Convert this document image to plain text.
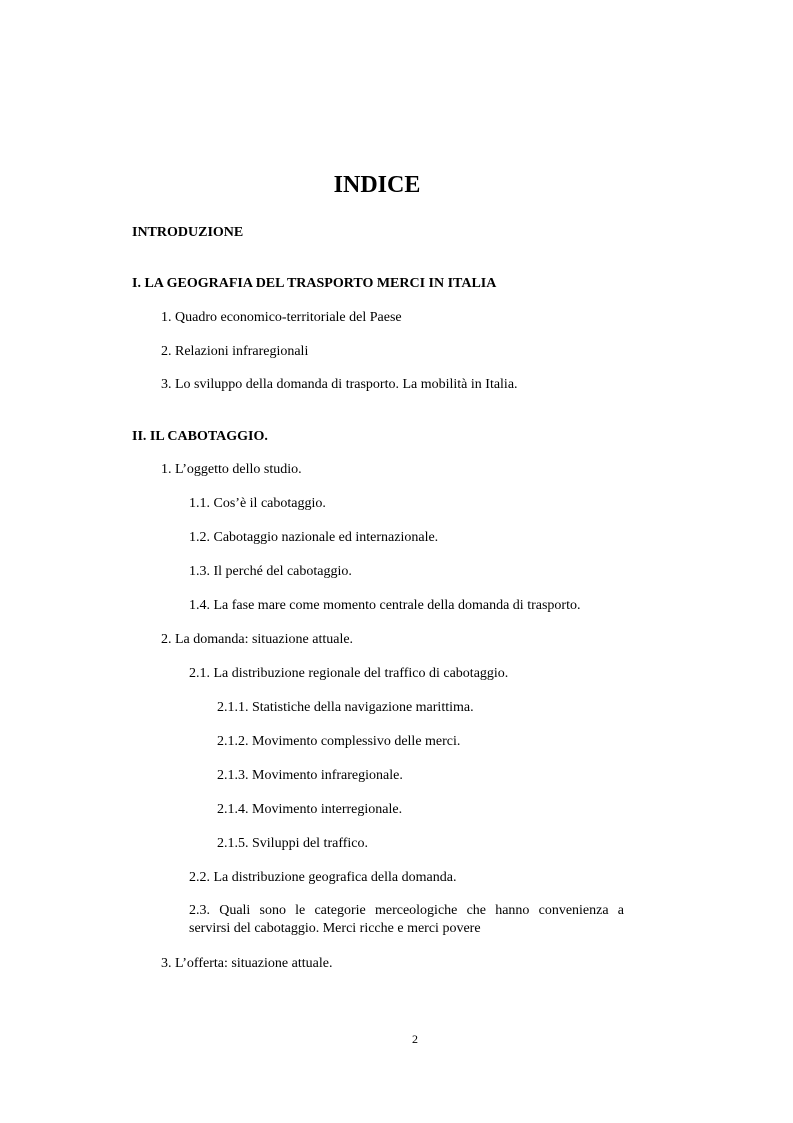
INDICE
INTRODUZIONE
I. LA GEOGRAFIA DEL TRASPORTO MERCI IN ITALIA
1. Quadro economico-territoriale del Paese
2. Relazioni infraregionali
3. Lo sviluppo della domanda di trasporto. La mobilità in Italia.
II. IL CABOTAGGIO.
1. L’oggetto dello studio.
1.1. Cos’è il cabotaggio.
1.2. Cabotaggio nazionale ed internazionale.
1.3. Il perché del cabotaggio.
1.4. La fase mare come momento centrale della domanda di trasporto.
2. La domanda: situazione attuale.
2.1. La distribuzione regionale del traffico di cabotaggio.
2.1.1. Statistiche della navigazione marittima.
2.1.2. Movimento complessivo delle merci.
2.1.3. Movimento infraregionale.
2.1.4. Movimento interregionale.
2.1.5. Sviluppi del traffico.
2.2. La distribuzione geografica della domanda.
2.3. Quali sono le categorie merceologiche che hanno convenienza a
servirsi del cabotaggio. Merci ricche e merci povere
3. L’offerta: situazione attuale.
2
